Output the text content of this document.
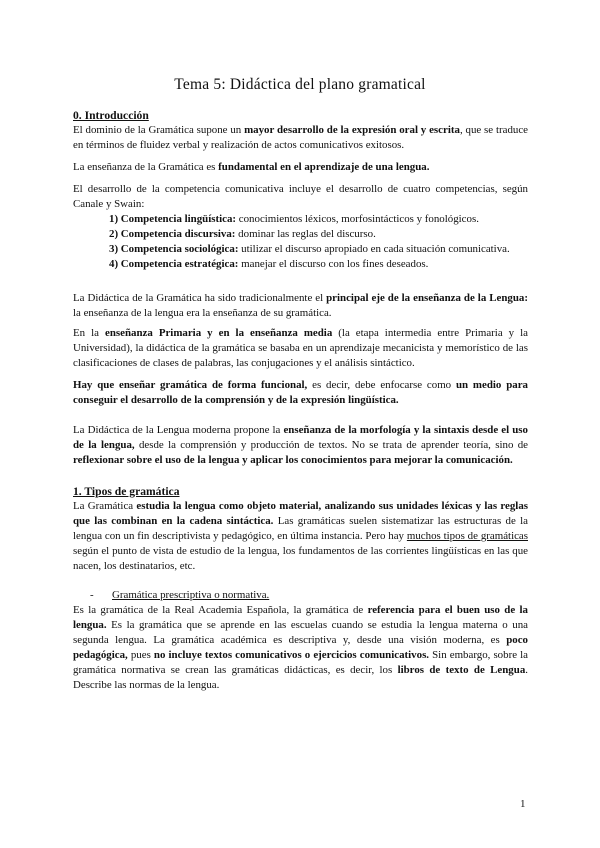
Tema 5: Didáctica del plano gramatical

0. Introducción

El dominio de la Gramática supone un mayor desarrollo de la expresión oral y escrita, que se traduce en términos de fluidez verbal y realización de actos comunicativos exitosos.

La enseñanza de la Gramática es fundamental en el aprendizaje de una lengua.

El desarrollo de la competencia comunicativa incluye el desarrollo de cuatro competencias, según Canale y Swain:

1) Competencia lingüística: conocimientos léxicos, morfosintácticos y fonológicos.

2) Competencia discursiva: dominar las reglas del discurso.

3) Competencia sociológica: utilizar el discurso apropiado en cada situación comunicativa.

4) Competencia estratégica: manejar el discurso con los fines deseados.

La Didáctica de la Gramática ha sido tradicionalmente el principal eje de la enseñanza de la Lengua: la enseñanza de la lengua era la enseñanza de su gramática.

En la enseñanza Primaria y en la enseñanza media (la etapa intermedia entre Primaria y la Universidad), la didáctica de la gramática se basaba en un aprendizaje mecanicista y memorístico de las clasificaciones de clases de palabras, las conjugaciones y el análisis sintáctico.

Hay que enseñar gramática de forma funcional, es decir, debe enfocarse como un medio para conseguir el desarrollo de la comprensión y de la expresión lingüística.

La Didáctica de la Lengua moderna propone la enseñanza de la morfología y la sintaxis desde el uso de la lengua, desde la comprensión y producción de textos. No se trata de aprender teoría, sino de reflexionar sobre el uso de la lengua y aplicar los conocimientos para mejorar la comunicación.

1. Tipos de gramática

La Gramática estudia la lengua como objeto material, analizando sus unidades léxicas y las reglas que las combinan en la cadena sintáctica. Las gramáticas suelen sistematizar las estructuras de la lengua con un fin descriptivista y pedagógico, en última instancia. Pero hay muchos tipos de gramáticas según el punto de vista de estudio de la lengua, los fundamentos de las corrientes lingüísticas en las que nacen, los destinatarios, etc.

- Gramática prescriptiva o normativa.

Es la gramática de la Real Academia Española, la gramática de referencia para el buen uso de la lengua. Es la gramática que se aprende en las escuelas cuando se estudia la lengua materna o una segunda lengua. La gramática académica es descriptiva y, desde una visión moderna, es poco pedagógica, pues no incluye textos comunicativos o ejercicios comunicativos. Sin embargo, sobre la gramática normativa se crean las gramáticas didácticas, es decir, los libros de texto de Lengua. Describe las normas de la lengua.

1
